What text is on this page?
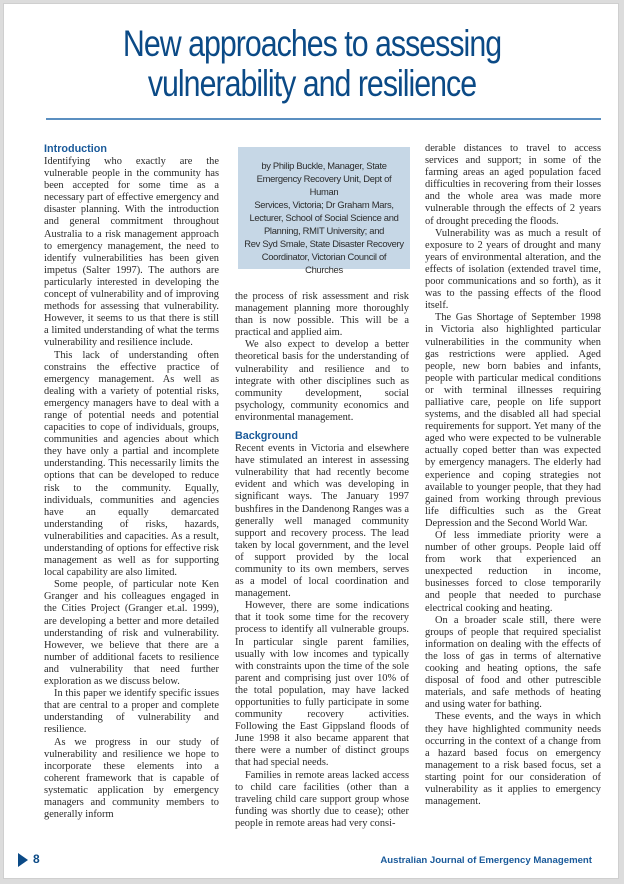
New approaches to assessing
vulnerability and resilience
Introduction

Identifying who exactly are the vulnerable people in the community has been accepted for some time as a necessary part of effective emergency and disaster planning. With the introduction and general commitment throughout Australia to a risk management approach to emergency management, the need to identify vulnerabilities has been given impetus (Salter 1997). The authors are particularly interested in developing the concept of vulnerability and of improving methods for assessing that vulnerability. However, it seems to us that there is still a limited understanding of what the terms vulnerability and resilience include.

This lack of understanding often constrains the effective practice of emergency management. As well as dealing with a variety of potential risks, emergency managers have to deal with a range of potential needs and potential capacities to cope of individuals, groups, communities and agencies about which they have only a partial and incomplete understanding. This necessarily limits the options that can be developed to reduce risk to the community. Equally, individuals, communities and agencies have an equally demarcated understanding of risks, hazards, vulnerabilities and capacities. As a result, understanding of options for effective risk management as well as for supporting local capability are also limited.

Some people, of particular note Ken Granger and his colleagues engaged in the Cities Project (Granger et.al. 1999), are developing a better and more detailed understanding of risk and vulnerability. However, we believe that there are a number of additional facets to resilience and vulnerability that need further exploration as we discuss below.

In this paper we identify specific issues that are central to a proper and complete understanding of vulnerability and resilience.

As we progress in our study of vulnerability and resilience we hope to incorporate these elements into a coherent framework that is capable of systematic application by emergency managers and community members to generally inform

by Philip Buckle, Manager, State
Emergency Recovery Unit, Dept of Human
Services, Victoria; Dr Graham Mars,
Lecturer, School of Social Science and
Planning, RMIT University; and
Rev Syd Smale, State Disaster Recovery
Coordinator, Victorian Council of Churches

the process of risk assessment and risk management planning more thoroughly than is now possible. This will be a practical and applied aim.

We also expect to develop a better theoretical basis for the understanding of vulnerability and resilience and to integrate with other disciplines such as community development, social psychology, community economics and environmental management.

Background

Recent events in Victoria and elsewhere have stimulated an interest in assessing vulnerability that had recently become evident and which was developing in significant ways. The January 1997 bushfires in the Dandenong Ranges was a generally well managed community support and recovery process. The lead taken by local government, and the level of support provided by the local community to its own members, serves as a model of local coordination and management.

However, there are some indications that it took some time for the recovery process to identify all vulnerable groups. In particular single parent families, usually with low incomes and typically with constraints upon the time of the sole parent and comprising just over 10% of the total population, may have lacked opportunities to fully participate in some community recovery activities. Following the East Gippsland floods of June 1998 it also became apparent that there were a number of distinct groups that had special needs.

Families in remote areas lacked access to child care facilities (other than a traveling child care support group whose funding was shortly due to cease); other people in remote areas had very consi-

derable distances to travel to access services and support; in some of the farming areas an aged population faced difficulties in recovering from their losses and the whole area was made more vulnerable through the effects of 2 years of drought preceding the floods.

Vulnerability was as much a result of exposure to 2 years of drought and many years of environmental alteration, and the effects of isolation (extended travel time, poor communications and so forth), as it was to the passing effects of the flood itself.

The Gas Shortage of September 1998 in Victoria also highlighted particular vulnerabilities in the community when gas restrictions were applied. Aged people, new born babies and infants, people with particular medical conditions or with terminal illnesses requiring palliative care, people on life support systems, and the disabled all had special requirements for support. Yet many of the aged who were expected to be vulnerable actually coped better than was expected by emergency managers. The elderly had experience and coping strategies not available to younger people, that they had gained from working through previous life difficulties such as the Great Depression and the Second World War.

Of less immediate priority were a number of other groups. People laid off from work that experienced an unexpected reduction in income, businesses forced to close temporarily and people that needed to purchase electrical cooking and heating.

On a broader scale still, there were groups of people that required specialist information on dealing with the effects of the loss of gas in terms of alternative cooking and heating options, the safe disposal of food and other putrescible materials, and safe methods of heating and using water for bathing.

These events, and the ways in which they have highlighted community needs occurring in the context of a change from a hazard based focus on emergency management to a risk based focus, set a starting point for our consideration of vulnerability as it applies to emergency management.

8	Australian Journal of Emergency Management
